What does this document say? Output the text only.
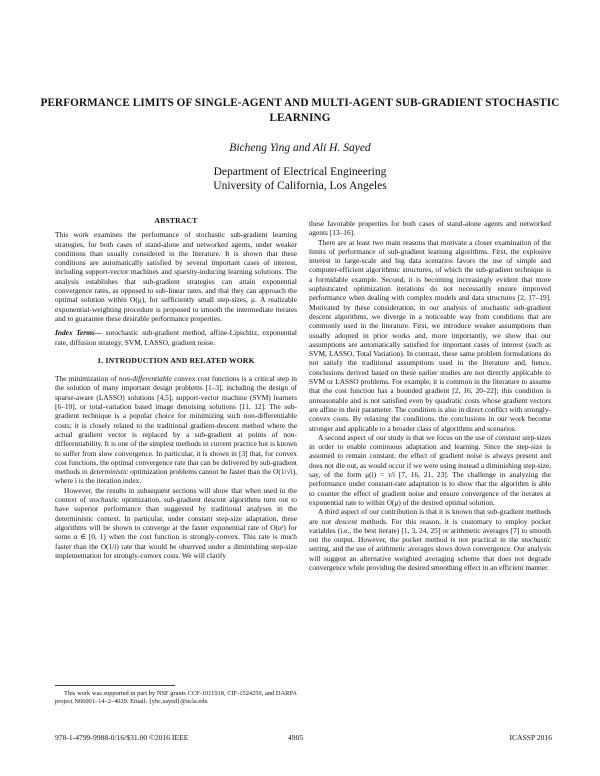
PERFORMANCE LIMITS OF SINGLE-AGENT AND MULTI-AGENT SUB-GRADIENT STOCHASTIC LEARNING
Bicheng Ying and Ali H. Sayed
Department of Electrical Engineering
University of California, Los Angeles
ABSTRACT

This work examines the performance of stochastic sub-gradient learning strategies, for both cases of stand-alone and networked agents, under weaker conditions than usually considered in the literature. It is shown that these conditions are automatically satisfied by several important cases of interest, including support-vector machines and sparsity-inducing learning solutions. The analysis establishes that sub-gradient strategies can attain exponential convergence rates, as opposed to sub-linear rates, and that they can approach the optimal solution within O(μ), for sufficiently small step-sizes, μ. A realizable exponential-weighting procedure is proposed to smooth the intermediate iterates and to guarantee these desirable performance properties.

Index Terms— sotochastic sub-gradient method, affine-Lipschitz, exponential rate, diffusion strategy, SVM, LASSO, gradient noise.

1. INTRODUCTION AND RELATED WORK

The minimization of non-differentiable convex cost functions is a critical step in the solution of many important design problems [1–3], including the design of sparse-aware (LASSO) solutions [4,5], support-vector machine (SVM) learners [6–10], or total-variation based image denoising solutions [11, 12]. The sub-gradient technique is a popular choice for minimizing such non-differentiable costs; it is closely related to the traditional gradient-descent method where the actual gradient vector is replaced by a sub-gradient at points of non-differentiability. It is one of the simplest methods in current practice but is known to suffer from slow convergence. In particular, it is shown in [3] that, for convex cost functions, the optimal convergence rate that can be delivered by sub-gradient methods in deterministic optimization problems cannot be faster than the O(1/√i), where i is the iteration index.

However, the results in subsequent sections will show that when used in the context of stochastic optimization, sub-gradient descent algorithms turn out to have superior performance than suggested by traditional analyses in the deterministic context. In particular, under constant step-size adaptation, these algorithms will be shown to converge at the faster exponential rate of O(αⁱ) for some α ∈ [0, 1) when the cost function is strongly-convex. This rate is much faster than the O(1/i) rate that would be observed under a diminishing step-size implementation for strongly-convex costs. We will clarify

these favorable properties for both cases of stand-alone agents and networked agents [13–16].

There are at least two main reasons that motivate a closer examination of the limits of performance of sub-gradient learning algorithms. First, the explosive interest in large-scale and big data scenarios favors the use of simple and computer-efficient algorithmic structures, of which the sub-gradient technique is a formidable example. Second, it is becoming increasingly evident that more sophisticated optimization iterations do not necessarily ensure improved performance when dealing with complex models and data structures [2, 17–19]. Motivated by these consideration, in our analysis of stochastic sub-gradient descent algorithms, we diverge in a noticeable way from conditions that are commonly used in the literature. First, we introduce weaker assumptions than usually adopted in prior works and, more importantly, we show that our assumptions are automatically satisfied for important cases of interest (such as SVM, LASSO, Total Variation). In contrast, these same problem formulations do not satisfy the traditional assumptions used in the literature and, hence, conclusions derived based on these earlier studies are not directly applicable to SVM or LASSO problems. For example, it is common in the literature to assume that the cost function has a bounded gradient [2, 16, 20–22]; this condition is unreasonable and is not satisfied even by quadratic costs whose gradient vectors are affine in their parameter. The condition is also in direct conflict with strongly-convex costs. By relaxing the conditions, the conclusions in our work become stronger and applicable to a broader class of algorithms and scenarios.

A second aspect of our study is that we focus on the use of constant step-sizes in order to enable continuous adaptation and learning. Since the step-size is assumed to remain constant, the effect of gradient noise is always present and does not die out, as would occur if we were using instead a diminishing step-size, say, of the form μ(i) = τ/i [7, 16, 21, 23]. The challenge in analyzing the performance under constant-rate adaptation is to show that the algorithm is able to counter the effect of gradient noise and ensure convergence of the iterates at exponential rate to within O(μ) of the desired optimal solution.

A third aspect of our contribution is that it is known that sub-gradient methods are not descent methods. For this reason, it is customary to employ pocket variables (i.e., the best iterate) [1, 3, 24, 25] or arithmetic averages [7] to smooth out the output. However, the pocket method is not practical in the stochastic setting, and the use of arithmetic averages slows down convergence. Our analysis will suggest an alternative weighted averaging scheme that does not degrade convergence while providing the desired smoothing effect in an efficient manner.

This work was supported in part by NSF grants CCF-1011918, CIF-1524250, and DARPA project N66001–14–2–4029. Email: {ybc,sayed}@ucla.edu
978-1-4799-9988-0/16/$31.00 ©2016 IEEE	4905	ICASSP 2016
